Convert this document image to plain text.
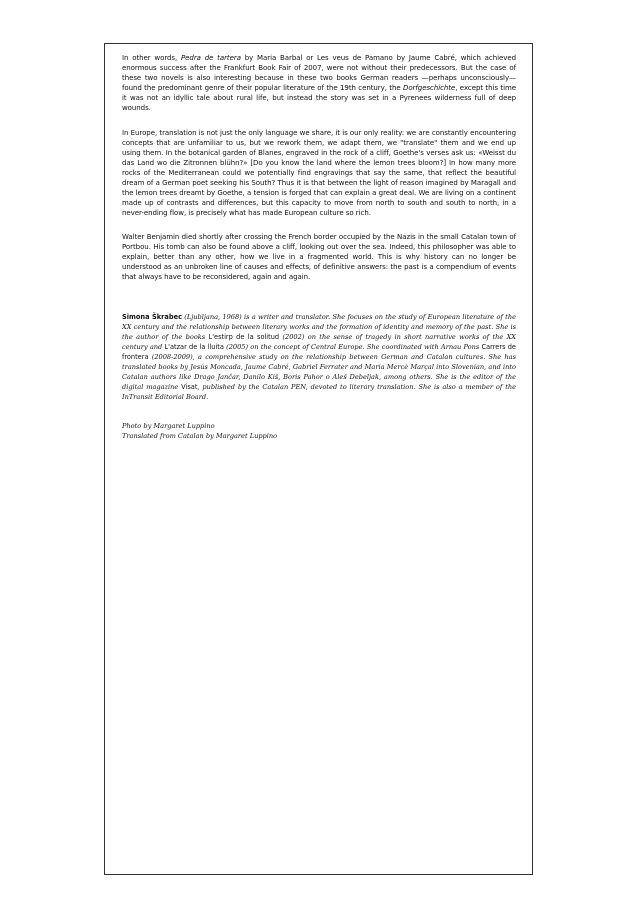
In other words, Pedra de tartera by Maria Barbal or Les veus de Pamano by Jaume Cabré, which achieved enormous success after the Frankfurt Book Fair of 2007, were not without their predecessors. But the case of these two novels is also interesting because in these two books German readers —perhaps unconsciously— found the predominant genre of their popular literature of the 19th century, the Dorfgeschichte, except this time it was not an idyllic tale about rural life, but instead the story was set in a Pyrenees wilderness full of deep wounds.

In Europe, translation is not just the only language we share, it is our only reality: we are constantly encountering concepts that are unfamiliar to us, but we rework them, we adapt them, we "translate" them and we end up using them. In the botanical garden of Blanes, engraved in the rock of a cliff, Goethe's verses ask us: «Weisst du das Land wo die Zitronnen blühn?» [Do you know the land where the lemon trees bloom?] In how many more rocks of the Mediterranean could we potentially find engravings that say the same, that reflect the beautiful dream of a German poet seeking his South? Thus it is that between the light of reason imagined by Maragall and the lemon trees dreamt by Goethe, a tension is forged that can explain a great deal. We are living on a continent made up of contrasts and differences, but this capacity to move from north to south and south to north, in a never-ending flow, is precisely what has made European culture so rich.

Walter Benjamin died shortly after crossing the French border occupied by the Nazis in the small Catalan town of Portbou. His tomb can also be found above a cliff, looking out over the sea. Indeed, this philosopher was able to explain, better than any other, how we live in a fragmented world. This is why history can no longer be understood as an unbroken line of causes and effects, of definitive answers: the past is a compendium of events that always have to be reconsidered, again and again.

Simona Škrabec (Ljubljana, 1968) is a writer and translator. She focuses on the study of European literature of the XX century and the relationship between literary works and the formation of identity and memory of the past. She is the author of the books L'estirp de la solitud (2002) on the sense of tragedy in short narrative works of the XX century and L'atzar de la lluita (2005) on the concept of Central Europe. She coordinated with Arnau Pons Carrers de frontera (2008-2009), a comprehensive study on the relationship between German and Catalan cultures. She has translated books by Jesús Moncada, Jaume Cabré, Gabriel Ferrater and Maria Mercè Marçal into Slovenian, and into Catalan authors like Drago Jančar, Danilo Kiš, Boris Pahor o Aleš Debeljak, among others. She is the editor of the digital magazine Visat, published by the Catalan PEN, devoted to literary translation. She is also a member of the InTransit Editorial Board.

Photo by Margaret Luppino
Translated from Catalan by Margaret Luppino
